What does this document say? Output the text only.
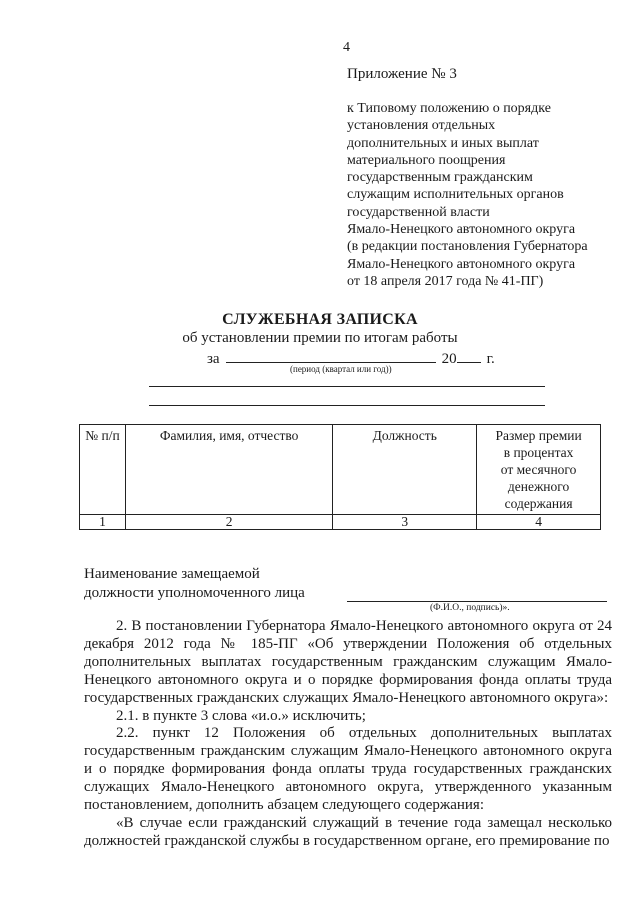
4
Приложение № 3
к Типовому положению о порядке
установления отдельных
дополнительных и иных выплат
материального поощрения
государственным гражданским
служащим исполнительных органов
государственной власти
Ямало-Ненецкого автономного округа
(в редакции постановления Губернатора
Ямало-Ненецкого автономного округа
от 18 апреля 2017 года № 41-ПГ)
СЛУЖЕБНАЯ ЗАПИСКА
об установлении премии по итогам работы
за	20 г.
(период (квартал или год))
№ п/п	Фамилия, имя, отчество	Должность	Размер премии
в процентах
от месячного
денежного
содержания
1	2	3	4
Наименование замещаемой
должности уполномоченного лица
(Ф.И.О., подпись)».

2. В постановлении Губернатора Ямало-Ненецкого автономного округа от 24 декабря 2012 года № 185-ПГ «Об утверждении Положения об отдельных дополнительных выплатах государственным гражданским служащим Ямало-Ненецкого автономного округа и о порядке формирования фонда оплаты труда государственных гражданских служащих Ямало-Ненецкого автономного округа»:

2.1. в пункте 3 слова «и.о.» исключить;

2.2. пункт 12 Положения об отдельных дополнительных выплатах государственным гражданским служащим Ямало-Ненецкого автономного округа и о порядке формирования фонда оплаты труда государственных гражданских служащих Ямало-Ненецкого автономного округа, утвержденного указанным постановлением, дополнить абзацем следующего содержания:

«В случае если гражданский служащий в течение года замещал несколько должностей гражданской службы в государственном органе, его премирование по
